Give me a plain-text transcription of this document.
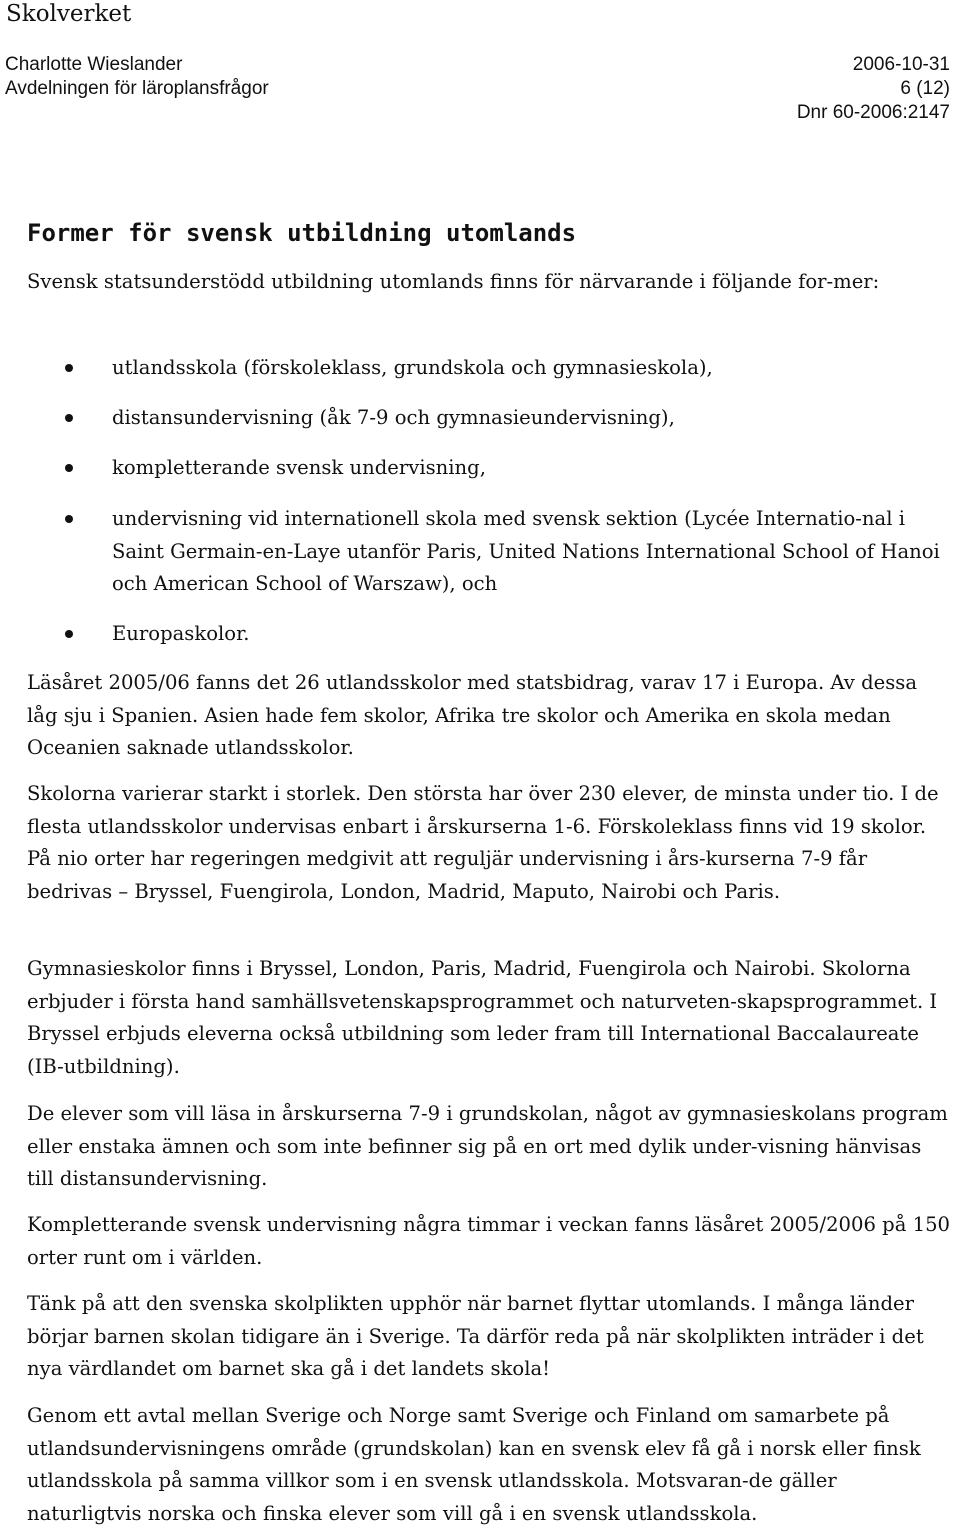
Skolverket
Charlotte Wieslander
Avdelningen för läroplansfrågor
2006-10-31
6 (12)
Dnr 60-2006:2147
Former för svensk utbildning utomlands

Svensk statsunderstödd utbildning utomlands finns för närvarande i följande for-mer:

utlandsskola (förskoleklass, grundskola och gymnasieskola),
distansundervisning (åk 7-9 och gymnasieundervisning),
kompletterande svensk undervisning,
undervisning vid internationell skola med svensk sektion (Lycée Internatio-nal i Saint Germain-en-Laye utanför Paris, United Nations International School of Hanoi och American School of Warszaw), och
Europaskolor.

Läsåret 2005/06 fanns det 26 utlandsskolor med statsbidrag, varav 17 i Europa. Av dessa låg sju i Spanien. Asien hade fem skolor, Afrika tre skolor och Amerika en skola medan Oceanien saknade utlandsskolor.

Skolorna varierar starkt i storlek. Den största har över 230 elever, de minsta under tio. I de flesta utlandsskolor undervisas enbart i årskurserna 1-6. Förskoleklass finns vid 19 skolor. På nio orter har regeringen medgivit att reguljär undervisning i års-kurserna 7-9 får bedrivas – Bryssel, Fuengirola, London, Madrid, Maputo, Nairobi och Paris.

Gymnasieskolor finns i Bryssel, London, Paris, Madrid, Fuengirola och Nairobi. Skolorna erbjuder i första hand samhällsvetenskapsprogrammet och naturveten-skapsprogrammet. I Bryssel erbjuds eleverna också utbildning som leder fram till International Baccalaureate (IB-utbildning).

De elever som vill läsa in årskurserna 7-9 i grundskolan, något av gymnasieskolans program eller enstaka ämnen och som inte befinner sig på en ort med dylik under-visning hänvisas till distansundervisning.

Kompletterande svensk undervisning några timmar i veckan fanns läsåret 2005/2006 på 150 orter runt om i världen.

Tänk på att den svenska skolplikten upphör när barnet flyttar utomlands. I många länder börjar barnen skolan tidigare än i Sverige. Ta därför reda på när skolplikten inträder i det nya värdlandet om barnet ska gå i det landets skola!

Genom ett avtal mellan Sverige och Norge samt Sverige och Finland om samarbete på utlandsundervisningens område (grundskolan) kan en svensk elev få gå i norsk eller finsk utlandsskola på samma villkor som i en svensk utlandsskola. Motsvaran-de gäller naturligtvis norska och finska elever som vill gå i en svensk utlandsskola.
